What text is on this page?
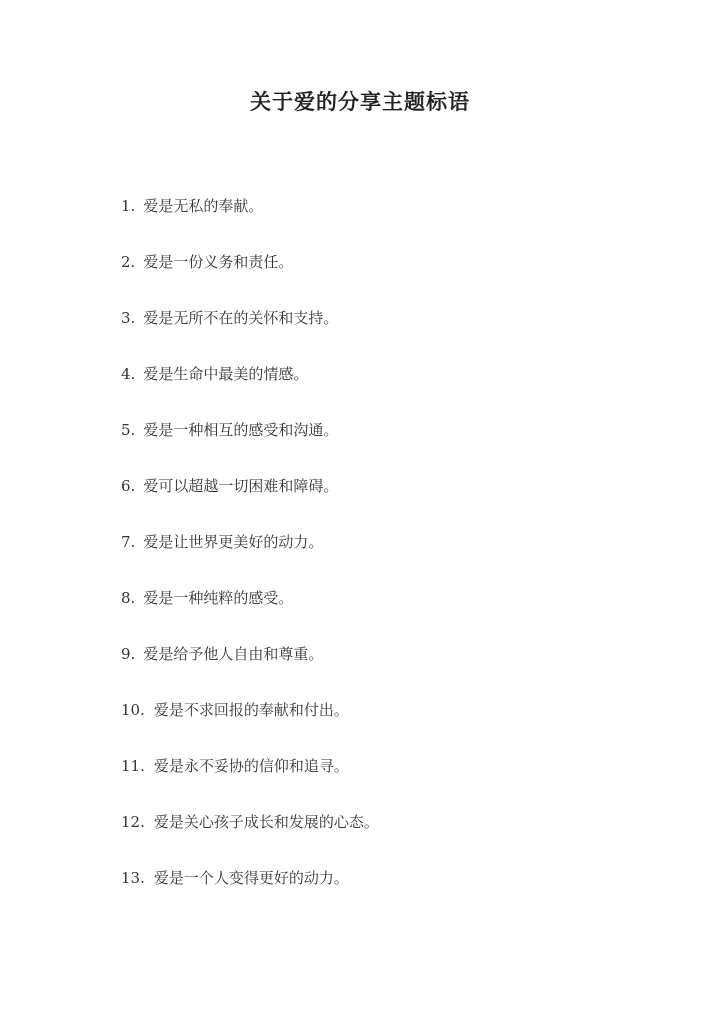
关于爱的分享主题标语
1. 爱是无私的奉献。
2. 爱是一份义务和责任。
3. 爱是无所不在的关怀和支持。
4. 爱是生命中最美的情感。
5. 爱是一种相互的感受和沟通。
6. 爱可以超越一切困难和障碍。
7. 爱是让世界更美好的动力。
8. 爱是一种纯粹的感受。
9. 爱是给予他人自由和尊重。
10. 爱是不求回报的奉献和付出。
11. 爱是永不妥协的信仰和追寻。
12. 爱是关心孩子成长和发展的心态。
13. 爱是一个人变得更好的动力。
